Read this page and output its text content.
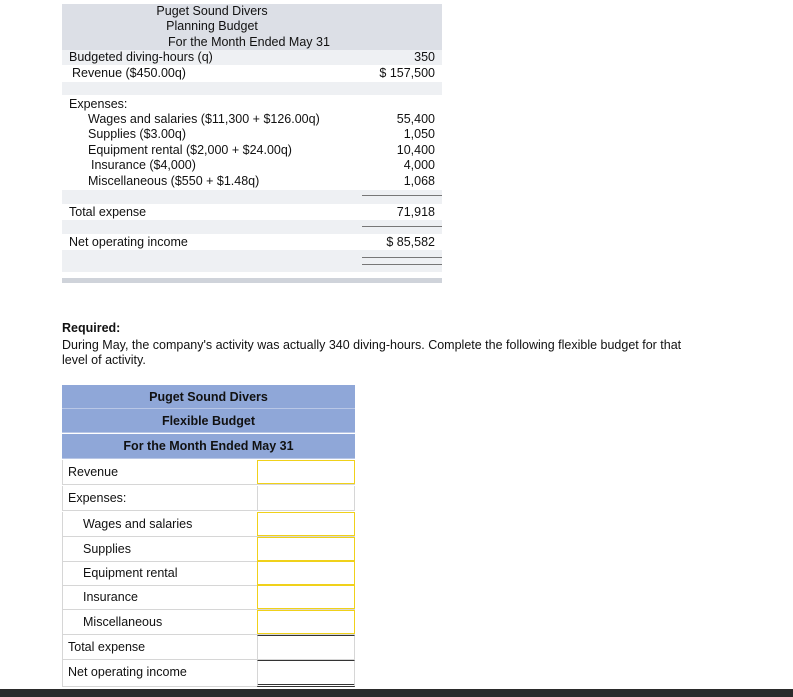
Puget Sound Divers
Planning Budget
For the Month Ended May 31
Budgeted diving-hours (q)	350
Revenue ($450.00q)	$ 157,500
Expenses:
Wages and salaries ($11,300 + $126.00q)	55,400
Supplies ($3.00q)	1,050
Equipment rental ($2,000 + $24.00q)	10,400
Insurance ($4,000)	4,000
Miscellaneous ($550 + $1.48q)	1,068
Total expense	71,918
Net operating income	$ 85,582
Required:
During May, the company's activity was actually 340 diving-hours. Complete the following flexible budget for that level of activity.
Puget Sound Divers
Flexible Budget
For the Month Ended May 31
Revenue
Expenses:
Wages and salaries
Supplies
Equipment rental
Insurance
Miscellaneous
Total expense
Net operating income
